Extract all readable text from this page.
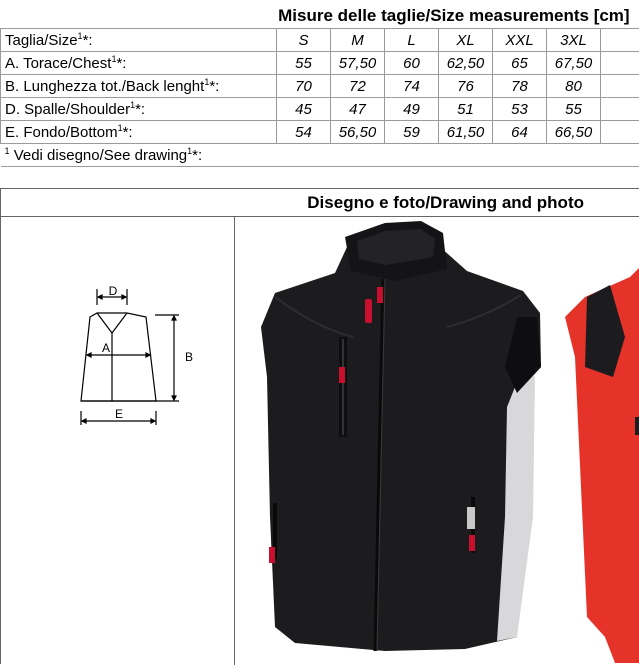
Misure delle taglie/Size measurements [cm]							
Taglia/Size$^1$*:	S	M	L	XL	XXL	3XL	
A. Torace/Chest$^1$*:	55	57,50	60	62,50	65	67,50	
B. Lunghezza tot./Back lenght$^1$*:	70	72	74	76	78	80	
D. Spalle/Shoulder$^1$*:	45	47	49	51	53	55	
E. Fondo/Bottom$^1$*:	54	56,50	59	61,50	64	66,50	
$^1$ Vedi disegno/See drawing$^1$*:							
Disegno e foto/Drawing and photo
D
A
B
E
